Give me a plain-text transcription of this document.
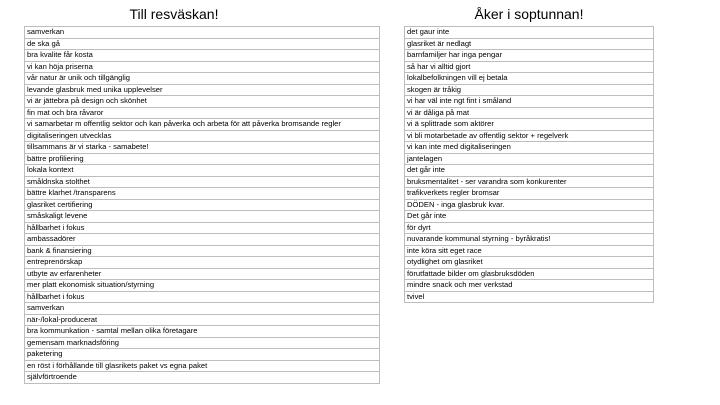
Till resväskan!
samverkan
de ska gå
bra kvalite får kosta
vi kan höja priserna
vår natur är unik och tillgänglig
levande glasbruk med unika upplevelser
vi är jättebra på design och skönhet
fin mat och bra råvaror
vi samarbetar m offentlig sektor och kan påverka och arbeta för att påverka bromsande regler
digitaliseringen utvecklas
tillsammans är vi starka - samabete!
bättre profiliering
lokala kontext
småldnska stolthet
bättre klarhet /transparens
glasriket certifiering
småskaligt levene
hållbarhet i fokus
ambassadörer
bank & finansiering
entreprenörskap
utbyte av erfarenheter
mer platt ekonomisk situation/styrning
hållbarhet i fokus
samverkan
när-/lokal-producerat
bra kommunkation - samtal mellan olika företagare
gemensam marknadsföring
paketering
en röst i förhållande till glasrikets paket vs egna paket
självförtroende
Åker i soptunnan!
det gaur inte
glasriket är nedlagt
barnfamiljer har inga pengar
så har vi alltid gjort
lokalbefolkningen vill ej betala
skogen är tråkig
vi har väl inte ngt fint i småland
vi är dåliga på mat
vi ä splittrade som aktörer
vi bli motarbetade av offentlig sektor + regelverk
vi kan inte med digitaliseringen
jantelagen
det går inte
bruksmentalitet - ser varandra som konkurenter
trafikverkets regler bromsar
DÖDEN - inga glasbruk kvar.
Det går inte
för dyrt
nuvarande kommunal styrning - byråkratis!
inte köra sitt eget race
otydlighet om glasriket
förutfattade bilder om glasbruksdöden
mindre snack och mer verkstad
tvivel
